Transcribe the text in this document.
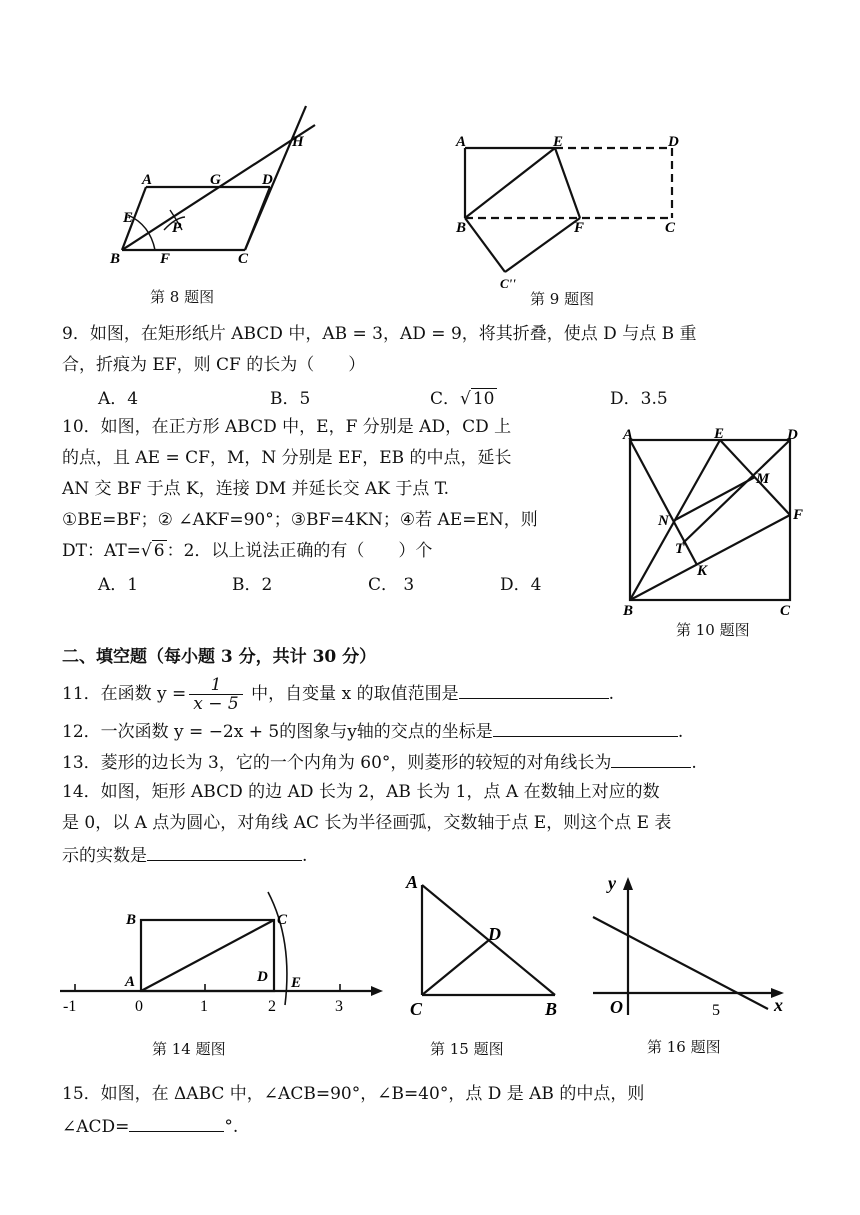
A	G	D
H
E
P
B	F	C
第 8 题图
A	E	D
B	F	C
C''
第 9 题图
9．如图，在矩形纸片 ABCD 中，AB = 3，AD = 9，将其折叠，使点 D 与点 B 重
合，折痕为 EF，则 CF 的长为（　　）
A．4	B．5	C．√ 10	D．3.5
10．如图，在正方形 ABCD 中，E，F 分别是 AD，CD 上
的点，且 AE = CF，M，N 分别是 EF，EB 的中点，延长
AN 交 BF 于点 K，连接 DM 并延长交 AK 于点 T.
①BE=BF；② ∠AKF=90°；③BF=4KN；④若 AE=EN，则
DT：AT=√ 6 ：2．以上说法正确的有（　　）个
A．1	B．2	C． 3	D．4
A	E	D
M
F
N
T
K
B	C
第 10 题图
二、填空题（每小题 3 分，共计 30 分）
11．在函数 $y = \frac{1}{x - 5}$ 中，自变量 x 的取值范围是	.
12．一次函数 y = −2x + 5的图象与y轴的交点的坐标是	.
13．菱形的边长为 3，它的一个内角为 60°，则菱形的较短的对角线长为	.
14．如图，矩形 ABCD 的边 AD 长为 2，AB 长为 1，点 A 在数轴上对应的数
是 0，以 A 点为圆心，对角线 AC 长为半径画弧，交数轴于点 E，则这个点 E 表
示的实数是	.
B	C
A	D E
-1	0	1	2	3
第 14 题图
A
D
C	B
第 15 题图
y
O	x
5
第 16 题图
15．如图，在 ΔABC 中，∠ACB=90°，∠B=40°，点 D 是 AB 的中点，则
∠ACD=	°.
